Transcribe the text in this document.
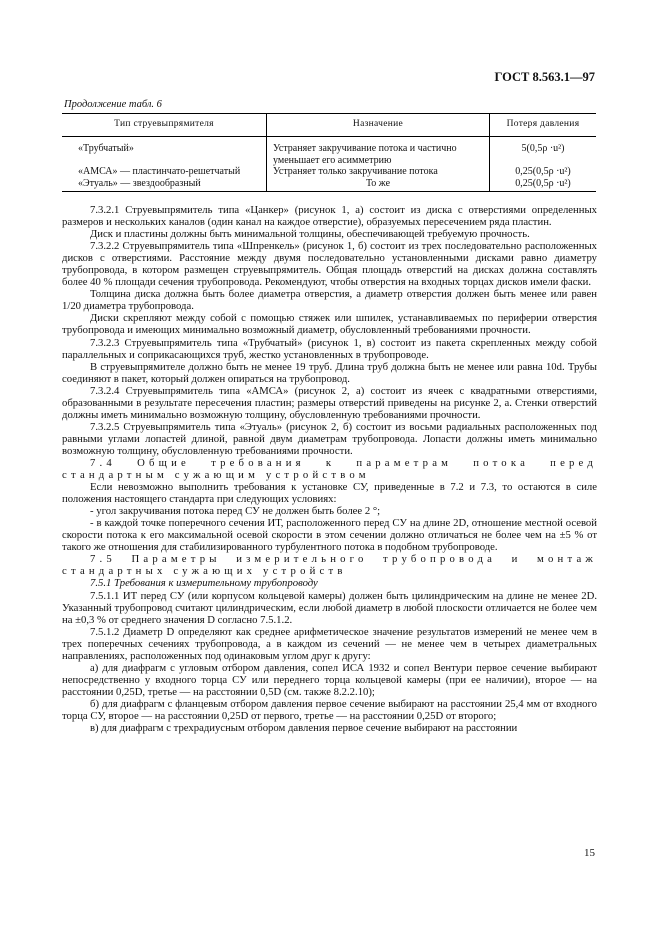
ГОСТ 8.563.1—97
Продолжение табл. 6
Тип струевыпрямителя	Назначение	Потеря давления
«Трубчатый»	Устраняет закручивание потока и частично уменьшает его асимметрию	5(0,5ρ ·u²)
«АМСА» — пластинчато-решетчатый	Устраняет только закручивание потока	0,25(0,5ρ ·u²)
«Этуаль» — звездообразный	То же	0,25(0,5ρ ·u²)

7.3.2.1 Струевыпрямитель типа «Цанкер» (рисунок 1, а) состоит из диска с отверстиями определенных размеров и нескольких каналов (один канал на каждое отверстие), образуемых пересечением ряда пластин.

Диск и пластины должны быть минимальной толщины, обеспечивающей требуемую прочность.

7.3.2.2 Струевыпрямитель типа «Шпренкель» (рисунок 1, б) состоит из трех последовательно расположенных дисков с отверстиями. Расстояние между двумя последовательно установленными дисками равно диаметру трубопровода, в котором размещен струевыпрямитель. Общая площадь отверстий на дисках должна составлять более 40 % площади сечения трубопровода. Рекомендуют, чтобы отверстия на входных торцах дисков имели фаски.

Толщина диска должна быть более диаметра отверстия, а диаметр отверстия должен быть менее или равен 1/20 диаметра трубопровода.

Диски скрепляют между собой с помощью стяжек или шпилек, устанавливаемых по периферии отверстия трубопровода и имеющих минимально возможный диаметр, обусловленный требованиями прочности.

7.3.2.3 Струевыпрямитель типа «Трубчатый» (рисунок 1, в) состоит из пакета скрепленных между собой параллельных и соприкасающихся труб, жестко установленных в трубопроводе.

В струевыпрямителе должно быть не менее 19 труб. Длина труб должна быть не менее или равна 10d. Трубы соединяют в пакет, который должен опираться на трубопровод.

7.3.2.4 Струевыпрямитель типа «АМСА» (рисунок 2, а) состоит из ячеек с квадратными отверстиями, образованными в результате пересечения пластин; размеры отверстий приведены на рисунке 2, а. Стенки отверстий должны иметь минимально возможную толщину, обусловленную требованиями прочности.

7.3.2.5 Струевыпрямитель типа «Этуаль» (рисунок 2, б) состоит из восьми радиальных расположенных под равными углами лопастей длиной, равной двум диаметрам трубопровода. Лопасти должны иметь минимально возможную толщину, обусловленную требованиями прочности.

7.4 Общие требования к параметрам потока перед стандартным сужающим устройством

Если невозможно выполнить требования к установке СУ, приведенные в 7.2 и 7.3, то остаются в силе положения настоящего стандарта при следующих условиях:

- угол закручивания потока перед СУ не должен быть более 2 °;

- в каждой точке поперечного сечения ИТ, расположенного перед СУ на длине 2D, отношение местной осевой скорости потока к его максимальной осевой скорости в этом сечении должно отличаться не более чем на ±5 % от такого же отношения для стабилизированного турбулентного потока в подобном трубопроводе.

7.5 Параметры измерительного трубопровода и монтаж стандартных сужающих устройств

7.5.1 Требования к измерительному трубопроводу

7.5.1.1 ИТ перед СУ (или корпусом кольцевой камеры) должен быть цилиндрическим на длине не менее 2D. Указанный трубопровод считают цилиндрическим, если любой диаметр в любой плоскости отличается не более чем на ±0,3 % от среднего значения D согласно 7.5.1.2.

7.5.1.2 Диаметр D определяют как среднее арифметическое значение результатов измерений не менее чем в трех поперечных сечениях трубопровода, а в каждом из сечений — не менее чем в четырех диаметральных направлениях, расположенных под одинаковым углом друг к другу:

а) для диафрагм с угловым отбором давления, сопел ИСА 1932 и сопел Вентури первое сечение выбирают непосредственно у входного торца СУ или переднего торца кольцевой камеры (при ее наличии), второе — на расстоянии 0,25D, третье — на расстоянии 0,5D (см. также 8.2.2.10);

б) для диафрагм с фланцевым отбором давления первое сечение выбирают на расстоянии 25,4 мм от входного торца СУ, второе — на расстоянии 0,25D от первого, третье — на расстоянии 0,25D от второго;

в) для диафрагм с трехрадиусным отбором давления первое сечение выбирают на расстоянии

15
